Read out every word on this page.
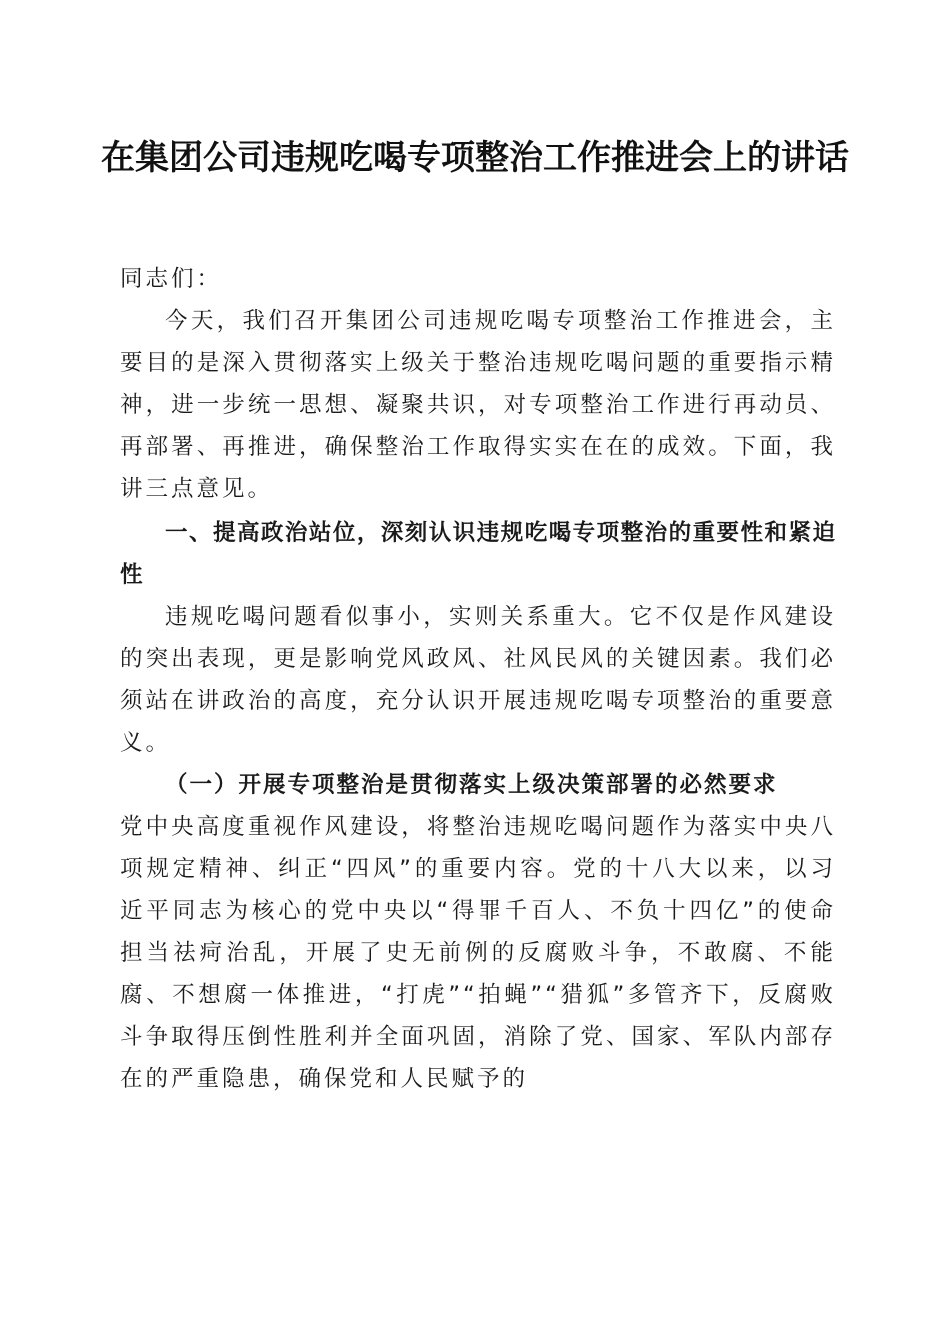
在集团公司违规吃喝专项整治工作推进会上的讲话

同志们：

今天，我们召开集团公司违规吃喝专项整治工作推进会，主要目的是深入贯彻落实上级关于整治违规吃喝问题的重要指示精神，进一步统一思想、凝聚共识，对专项整治工作进行再动员、再部署、再推进，确保整治工作取得实实在在的成效。下面，我讲三点意见。

一、提高政治站位，深刻认识违规吃喝专项整治的重要性和紧迫性

违规吃喝问题看似事小，实则关系重大。它不仅是作风建设的突出表现，更是影响党风政风、社风民风的关键因素。我们必须站在讲政治的高度，充分认识开展违规吃喝专项整治的重要意义。

（一）开展专项整治是贯彻落实上级决策部署的必然要求

党中央高度重视作风建设，将整治违规吃喝问题作为落实中央八项规定精神、纠正“四风”的重要内容。党的十八大以来，以习近平同志为核心的党中央以“得罪千百人、不负十四亿”的使命担当祛疴治乱，开展了史无前例的反腐败斗争，不敢腐、不能腐、不想腐一体推进，“打虎”“拍蝇”“猎狐”多管齐下，反腐败斗争取得压倒性胜利并全面巩固，消除了党、国家、军队内部存在的严重隐患，确保党和人民赋予的
